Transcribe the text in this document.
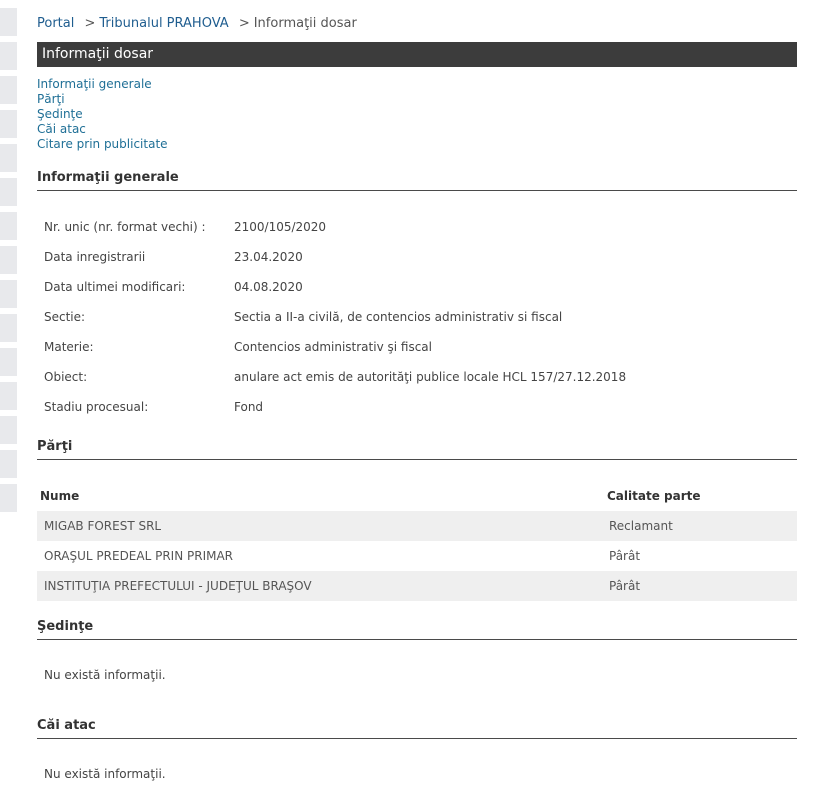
Portal > Tribunalul PRAHOVA > Informaţii dosar
Informaţii dosar
Informaţii generale
Părţi
Şedinţe
Căi atac
Citare prin publicitate
Informaţii generale
Nr. unic (nr. format vechi) :	2100/105/2020
Data inregistrarii	23.04.2020
Data ultimei modificari:	04.08.2020
Sectie:	Sectia a II-a civilă, de contencios administrativ si fiscal
Materie:	Contencios administrativ şi fiscal
Obiect:	anulare act emis de autorităţi publice locale HCL 157/27.12.2018
Stadiu procesual:	Fond
Părţi
Nume	Calitate parte
MIGAB FOREST SRL	Reclamant
ORAŞUL PREDEAL PRIN PRIMAR	Pârât
INSTITUŢIA PREFECTULUI - JUDEŢUL BRAŞOV	Pârât
Şedinţe
Nu există informaţii.
Căi atac
Nu există informaţii.
